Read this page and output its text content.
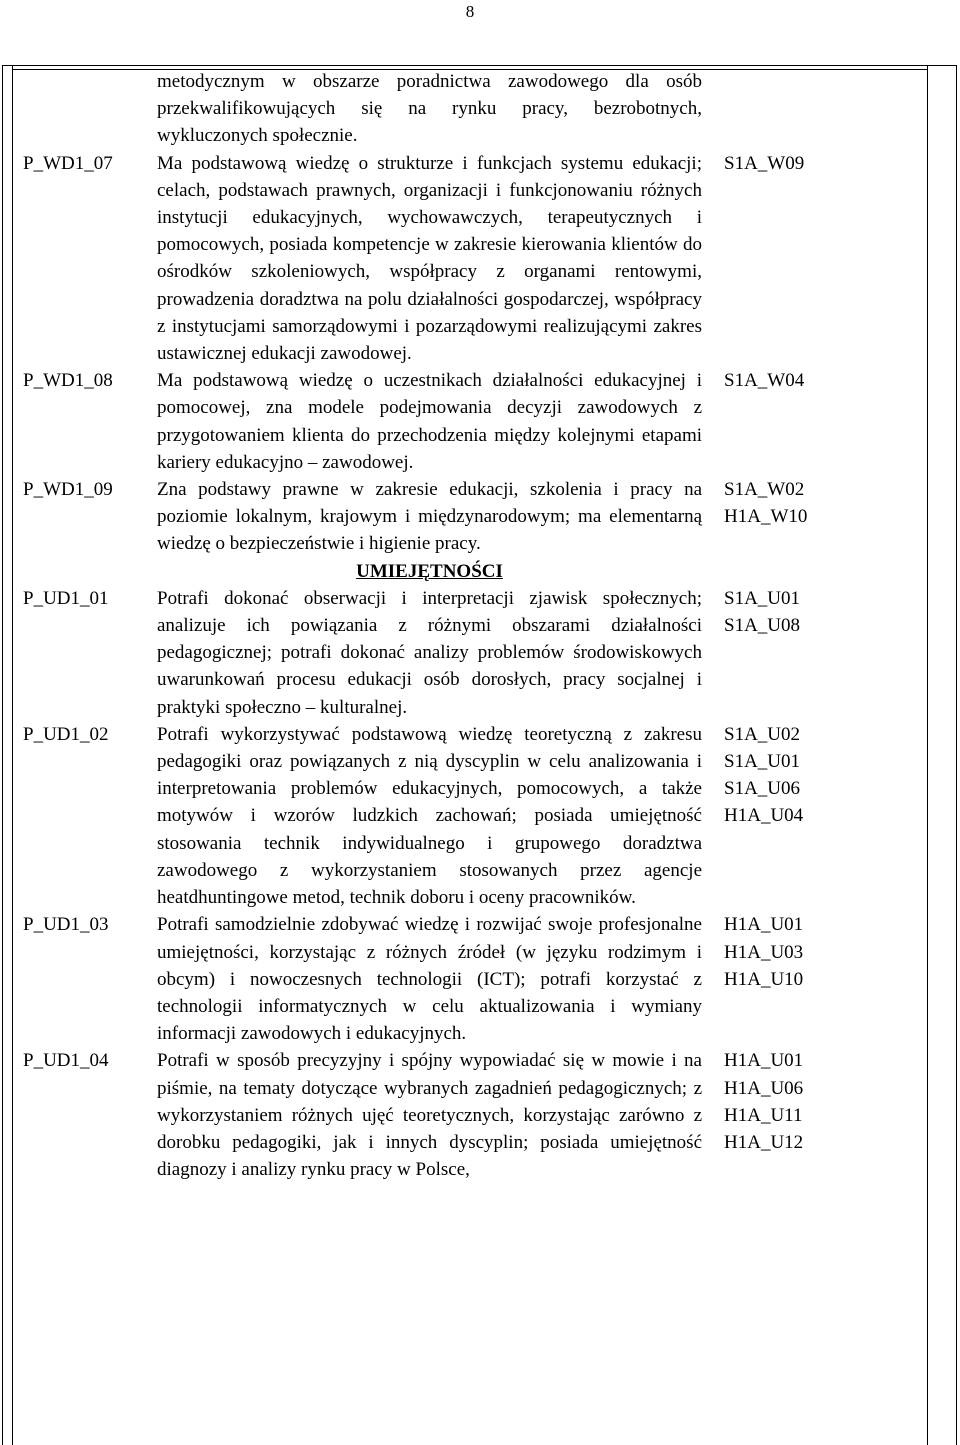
8
metodycznym w obszarze poradnictwa zawodowego dla osób przekwalifikowujących się na rynku pracy, bezrobotnych, wykluczonych społecznie.
P_WD1_07 Ma podstawową wiedzę o strukturze i funkcjach systemu edukacji; celach, podstawach prawnych, organizacji i funkcjonowaniu różnych instytucji edukacyjnych, wychowawczych, terapeutycznych i pomocowych, posiada kompetencje w zakresie kierowania klientów do ośrodków szkoleniowych, współpracy z organami rentowymi, prowadzenia doradztwa na polu działalności gospodarczej, współpracy z instytucjami samorządowymi i pozarządowymi realizującymi zakres ustawicznej edukacji zawodowej.
S1A_W09
P_WD1_08 Ma podstawową wiedzę o uczestnikach działalności edukacyjnej i pomocowej, zna modele podejmowania decyzji zawodowych z przygotowaniem klienta do przechodzenia między kolejnymi etapami kariery edukacyjno – zawodowej.
S1A_W04
P_WD1_09 Zna podstawy prawne w zakresie edukacji, szkolenia i pracy na poziomie lokalnym, krajowym i międzynarodowym; ma elementarną wiedzę o bezpieczeństwie i higienie pracy.
S1A_W02
H1A_W10
UMIEJĘTNOŚCI
P_UD1_01	Potrafi dokonać obserwacji i interpretacji zjawisk społecznych; analizuje ich powiązania z różnymi obszarami działalności pedagogicznej; potrafi dokonać analizy problemów środowiskowych uwarunkowań procesu edukacji osób dorosłych, pracy socjalnej i praktyki społeczno – kulturalnej.
S1A_U01
S1A_U08
P_UD1_02	Potrafi wykorzystywać podstawową wiedzę teoretyczną z zakresu pedagogiki oraz powiązanych z nią dyscyplin w celu analizowania i interpretowania problemów edukacyjnych, pomocowych, a także motywów i wzorów ludzkich zachowań; posiada umiejętność stosowania technik indywidualnego i grupowego doradztwa zawodowego z wykorzystaniem stosowanych przez agencje heatdhuntingowe metod, technik doboru i oceny pracowników.
S1A_U02
S1A_U01
S1A_U06
H1A_U04
P_UD1_03	Potrafi samodzielnie zdobywać wiedzę i rozwijać swoje profesjonalne umiejętności, korzystając z różnych źródeł (w języku rodzimym i obcym) i nowoczesnych technologii (ICT); potrafi korzystać z technologii informatycznych w celu aktualizowania i wymiany informacji zawodowych i edukacyjnych.
H1A_U01
H1A_U03
H1A_U10
P_UD1_04	Potrafi w sposób precyzyjny i spójny wypowiadać się w mowie i na piśmie, na tematy dotyczące wybranych zagadnień pedagogicznych; z wykorzystaniem różnych ujęć teoretycznych, korzystając zarówno z dorobku pedagogiki, jak i innych dyscyplin; posiada umiejętność diagnozy i analizy rynku pracy w Polsce,
H1A_U01
H1A_U06
H1A_U11
H1A_U12
